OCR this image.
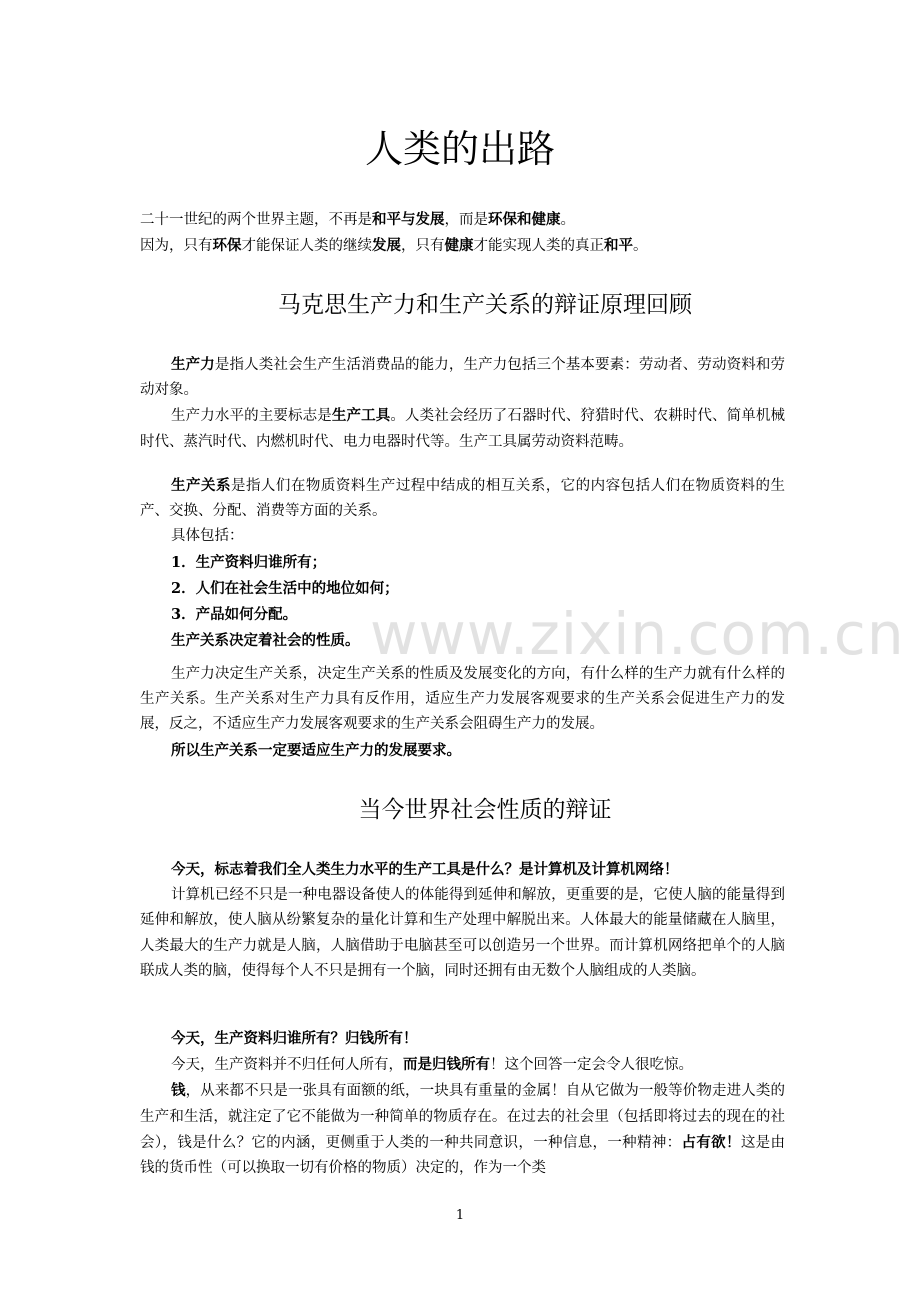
www.zixin.com.cn
人类的出路

二十一世纪的两个世界主题，不再是和平与发展，而是环保和健康。

因为，只有环保才能保证人类的继续发展，只有健康才能实现人类的真正和平。

马克思生产力和生产关系的辩证原理回顾

生产力是指人类社会生产生活消费品的能力，生产力包括三个基本要素：劳动者、劳动资料和劳动对象。

生产力水平的主要标志是生产工具。人类社会经历了石器时代、狩猎时代、农耕时代、简单机械时代、蒸汽时代、内燃机时代、电力电器时代等。生产工具属劳动资料范畴。

生产关系是指人们在物质资料生产过程中结成的相互关系，它的内容包括人们在物质资料的生产、交换、分配、消费等方面的关系。

具体包括：

1．生产资料归谁所有；

2．人们在社会生活中的地位如何；

3．产品如何分配。

生产关系决定着社会的性质。

生产力决定生产关系，决定生产关系的性质及发展变化的方向，有什么样的生产力就有什么样的生产关系。生产关系对生产力具有反作用，适应生产力发展客观要求的生产关系会促进生产力的发展，反之，不适应生产力发展客观要求的生产关系会阻碍生产力的发展。

所以生产关系一定要适应生产力的发展要求。

当今世界社会性质的辩证

今天，标志着我们全人类生力水平的生产工具是什么？是计算机及计算机网络！

计算机已经不只是一种电器设备使人的体能得到延伸和解放，更重要的是，它使人脑的能量得到延伸和解放，使人脑从纷繁复杂的量化计算和生产处理中解脱出来。人体最大的能量储藏在人脑里，人类最大的生产力就是人脑，人脑借助于电脑甚至可以创造另一个世界。而计算机网络把单个的人脑联成人类的脑，使得每个人不只是拥有一个脑，同时还拥有由无数个人脑组成的人类脑。

今天，生产资料归谁所有？归钱所有！

今天，生产资料并不归任何人所有，而是归钱所有！这个回答一定会令人很吃惊。

钱，从来都不只是一张具有面额的纸，一块具有重量的金属！自从它做为一般等价物走进人类的生产和生活，就注定了它不能做为一种简单的物质存在。在过去的社会里（包括即将过去的现在的社会），钱是什么？它的内涵，更侧重于人类的一种共同意识，一种信息，一种精神：占有欲！这是由钱的货币性（可以换取一切有价格的物质）决定的，作为一个类

1
